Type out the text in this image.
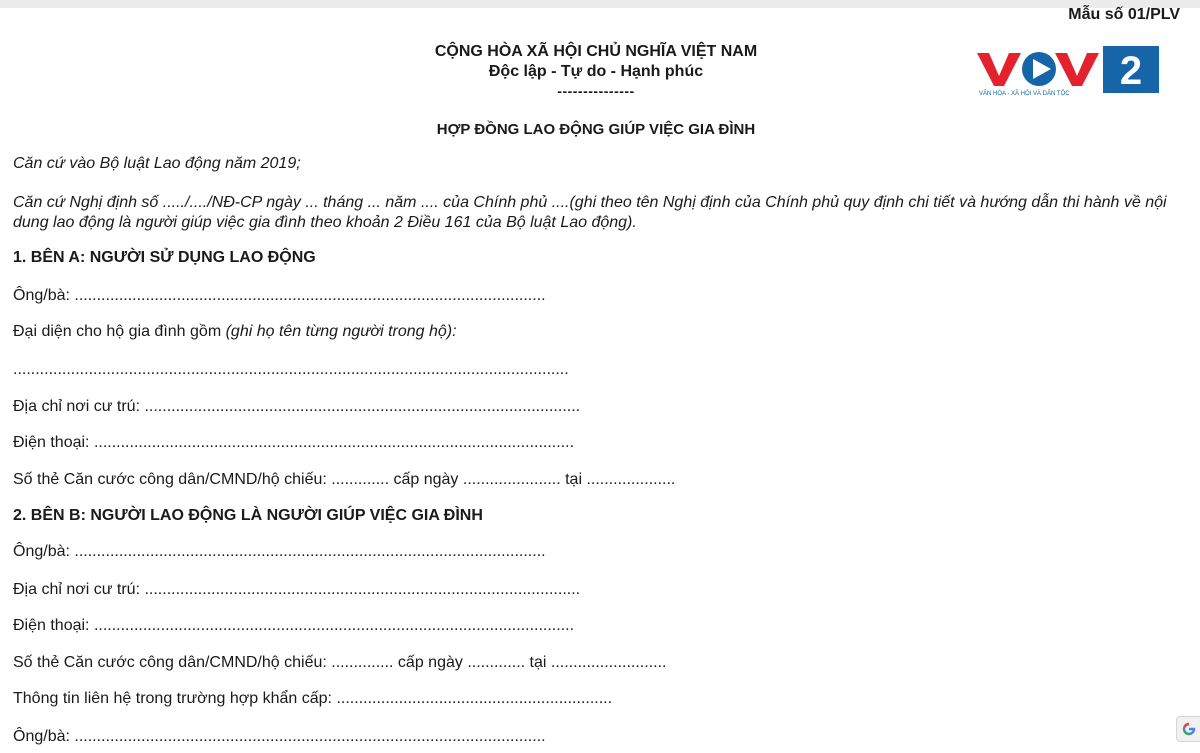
Mẫu số 01/PLV
CỘNG HÒA XÃ HỘI CHỦ NGHĨA VIỆT NAM
Độc lập - Tự do - Hạnh phúc
---------------	2
VĂN HÓA - XÃ HỘI VÀ DÂN TỘC
HỢP ĐỒNG LAO ĐỘNG GIÚP VIỆC GIA ĐÌNH
Căn cứ vào Bộ luật Lao động năm 2019;
Căn cứ Nghị định số ...../..../NĐ-CP ngày ... tháng ... năm .... của Chính phủ ....(ghi theo tên Nghị định của Chính phủ quy định chi tiết và hướng dẫn thi hành về nội dung lao động là người giúp việc gia đình theo khoản 2 Điều 161 của Bộ luật Lao động).
1. BÊN A: NGƯỜI SỬ DỤNG LAO ĐỘNG
Ông/bà: ..........................................................................................................
Đại diện cho hộ gia đình gồm (ghi họ tên từng người trong hộ):
.............................................................................................................................
Địa chỉ nơi cư trú: ..................................................................................................
Điện thoại: ............................................................................................................
Số thẻ Căn cước công dân/CMND/hộ chiếu: ............. cấp ngày ...................... tại ....................
2. BÊN B: NGƯỜI LAO ĐỘNG LÀ NGƯỜI GIÚP VIỆC GIA ĐÌNH
Ông/bà: ..........................................................................................................
Địa chỉ nơi cư trú: ..................................................................................................
Điện thoại: ............................................................................................................
Số thẻ Căn cước công dân/CMND/hộ chiếu: .............. cấp ngày ............. tại ..........................
Thông tin liên hệ trong trường hợp khẩn cấp: ..............................................................
Ông/bà: ..........................................................................................................
